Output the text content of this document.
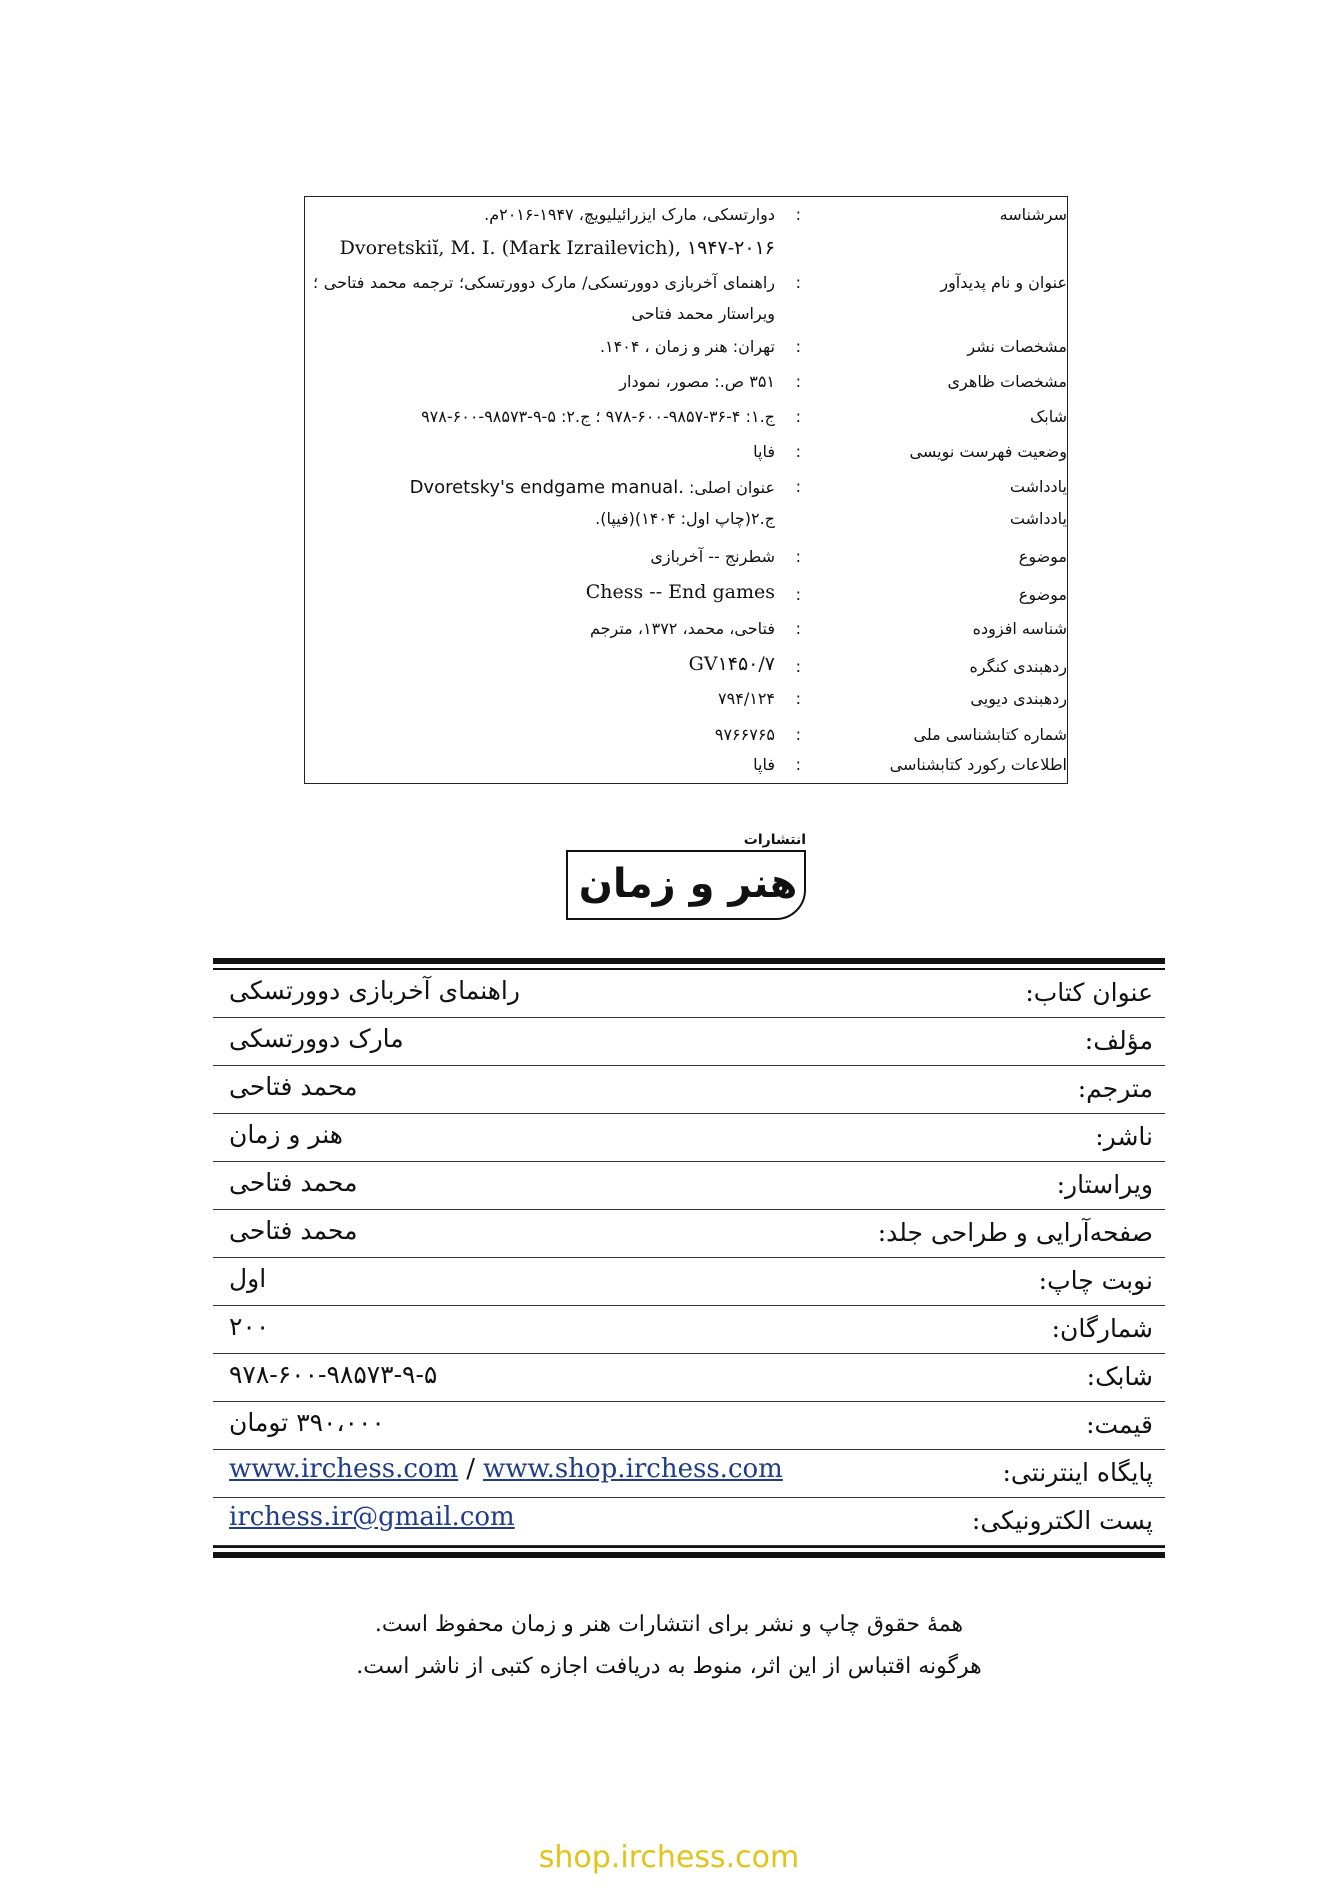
سرشناسه
:
دوارتسکی، مارک ایزرائیلیویچ، ۱۹۴۷-۲۰۱۶م.
Dvoretskiĭ, M. I. (Mark Izrailevich), ۱۹۴۷-۲۰۱۶
عنوان و نام پدیدآور
:
راهنمای آخربازی دوورتسکی/ مارک دوورتسکی؛ ترجمه محمد فتاحی ؛ویراستار محمد فتاحی
مشخصات نشر
:
تهران: هنر و زمان ، ۱۴۰۴.
مشخصات ظاهری
:
۳۵۱ ص.: مصور، نمودار
شابک
:
ج.۱: ۴-۳۶-۹۸۵۷-۶۰۰-۹۷۸ ؛ ج.۲: ۵-۹-۹۸۵۷۳-۶۰۰-۹۷۸
وضعیت فهرست نویسی
:
فاپا
یادداشت
:
عنوان اصلی: Dvoretsky's endgame manual.
یادداشت
ج.۲(چاپ اول: ۱۴۰۴)(فیپا).
موضوع
:
شطرنج -- آخربازی
موضوع
:
Chess -- End games
شناسه افزوده
:
فتاحی، محمد، ۱۳۷۲، مترجم
ردهبندی کنگره
:
GV۱۴۵۰/۷
ردهبندی دیویی
:
۷۹۴/۱۲۴
شماره کتابشناسی ملی
:
۹۷۶۶۷۶۵
اطلاعات رکورد کتابشناسی
:
فاپا
انتشارات
هنر و زمان
عنوان کتاب:
راهنمای آخربازی دوورتسکی
مؤلف:
مارک دوورتسکی
مترجم:
محمد فتاحی
ناشر:
هنر و زمان
ویراستار:
محمد فتاحی
صفحه‌آرایی و طراحی جلد:
محمد فتاحی
نوبت چاپ:
اول
شمارگان:
۲۰۰
شابک:
۹۷۸-۶۰۰-۹۸۵۷۳-۹-۵
قیمت:
۳۹۰،۰۰۰ تومان
پایگاه اینترنتی:
www.irchess.com / www.shop.irchess.com
پست الکترونیکی:
irchess.ir@gmail.com
همهٔ حقوق چاپ و نشر برای انتشارات هنر و زمان محفوظ است.
هرگونه اقتباس از این اثر، منوط به دریافت اجازه کتبی از ناشر است.
shop.irchess.com
